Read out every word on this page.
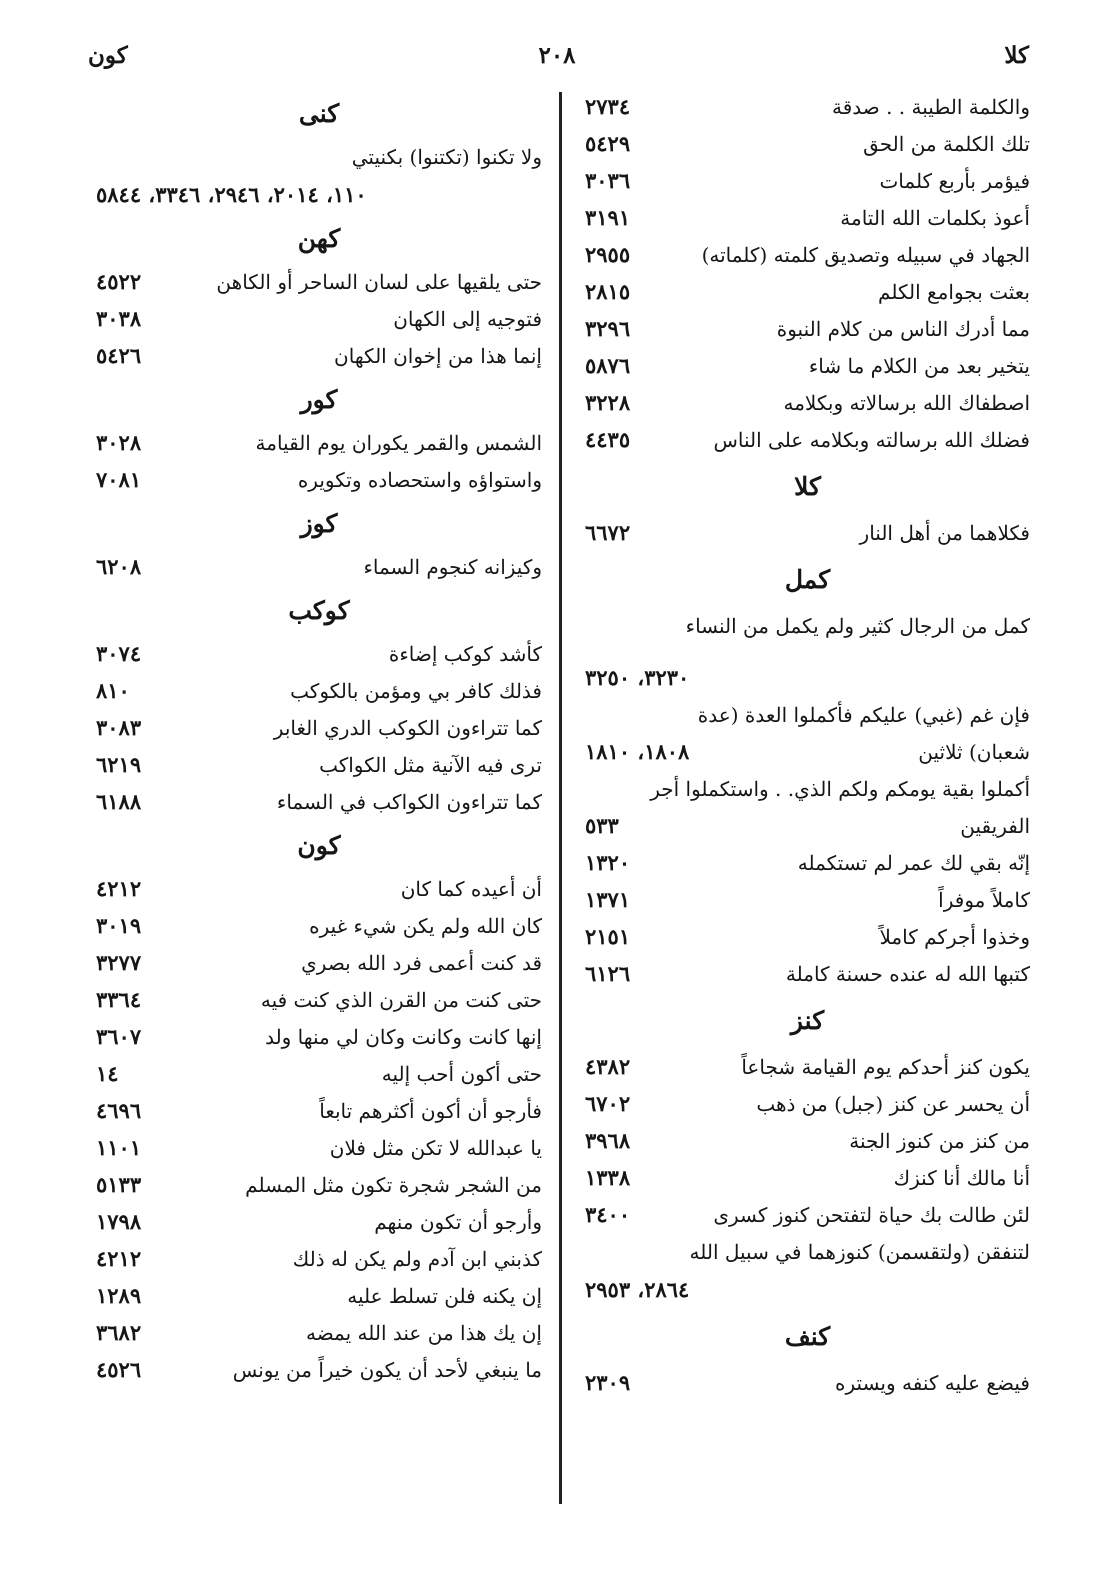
كون	٢٠٨	كلا
والكلمة الطيبة . . صدقة
٢٧٣٤
تلك الكلمة من الحق
٥٤٢٩
فيؤمر بأربع كلمات
٣٠٣٦
أعوذ بكلمات الله التامة
٣١٩١
الجهاد في سبيله وتصديق كلمته (كلماته)
٢٩٥٥
بعثت بجوامع الكلم
٢٨١٥
مما أدرك الناس من كلام النبوة
٣٢٩٦
يتخير بعد من الكلام ما شاء
٥٨٧٦
اصطفاك الله برسالاته وبكلامه
٣٢٢٨
فضلك الله برسالته وبكلامه على الناس
٤٤٣٥
كلا
فكلاهما من أهل النار
٦٦٧٢
كمل
كمل من الرجال كثير ولم يكمل من النساء
٣٢٣٠، ٣٢٥٠
فإن غم (غبي) عليكم فأكملوا العدة (عدة
شعبان) ثلاثين
١٨٠٨، ١٨١٠
أكملوا بقية يومكم ولكم الذي. . واستكملوا أجر
الفريقين
٥٣٣
إنّه بقي لك عمر لم تستكمله
١٣٢٠
كاملاً موفراً
١٣٧١
وخذوا أجركم كاملاً
٢١٥١
كتبها الله له عنده حسنة كاملة
٦١٢٦
كنز
يكون كنز أحدكم يوم القيامة شجاعاً
٤٣٨٢
أن يحسر عن كنز (جبل) من ذهب
٦٧٠٢
من كنز من كنوز الجنة
٣٩٦٨
أنا مالك أنا كنزك
١٣٣٨
لئن طالت بك حياة لتفتحن كنوز كسرى
٣٤٠٠
لتنفقن (ولتقسمن) كنوزهما في سبيل الله
٢٨٦٤، ٢٩٥٣
كنف
فيضع عليه كنفه ويستره
٢٣٠٩
كنى
ولا تكنوا (تكتنوا) بكنيتي
١١٠، ٢٠١٤، ٢٩٤٦، ٣٣٤٦، ٥٨٤٤
كهن
حتى يلقيها على لسان الساحر أو الكاهن
٤٥٢٢
فتوجيه إلى الكهان
٣٠٣٨
إنما هذا من إخوان الكهان
٥٤٢٦
كور
الشمس والقمر يكوران يوم القيامة
٣٠٢٨
واستواؤه واستحصاده وتكويره
٧٠٨١
كوز
وكيزانه كنجوم السماء
٦٢٠٨
كوكب
كأشد كوكب إضاءة
٣٠٧٤
فذلك كافر بي ومؤمن بالكوكب
٨١٠
كما تتراءون الكوكب الدري الغابر
٣٠٨٣
ترى فيه الآنية مثل الكواكب
٦٢١٩
كما تتراءون الكواكب في السماء
٦١٨٨
كون
أن أعيده كما كان
٤٢١٢
كان الله ولم يكن شيء غيره
٣٠١٩
قد كنت أعمى فرد الله بصري
٣٢٧٧
حتى كنت من القرن الذي كنت فيه
٣٣٦٤
إنها كانت وكانت وكان لي منها ولد
٣٦٠٧
حتى أكون أحب إليه
١٤
فأرجو أن أكون أكثرهم تابعاً
٤٦٩٦
يا عبدالله لا تكن مثل فلان
١١٠١
من الشجر شجرة تكون مثل المسلم
٥١٣٣
وأرجو أن تكون منهم
١٧٩٨
كذبني ابن آدم ولم يكن له ذلك
٤٢١٢
إن يكنه فلن تسلط عليه
١٢٨٩
إن يك هذا من عند الله يمضه
٣٦٨٢
ما ينبغي لأحد أن يكون خيراً من يونس
٤٥٢٦
